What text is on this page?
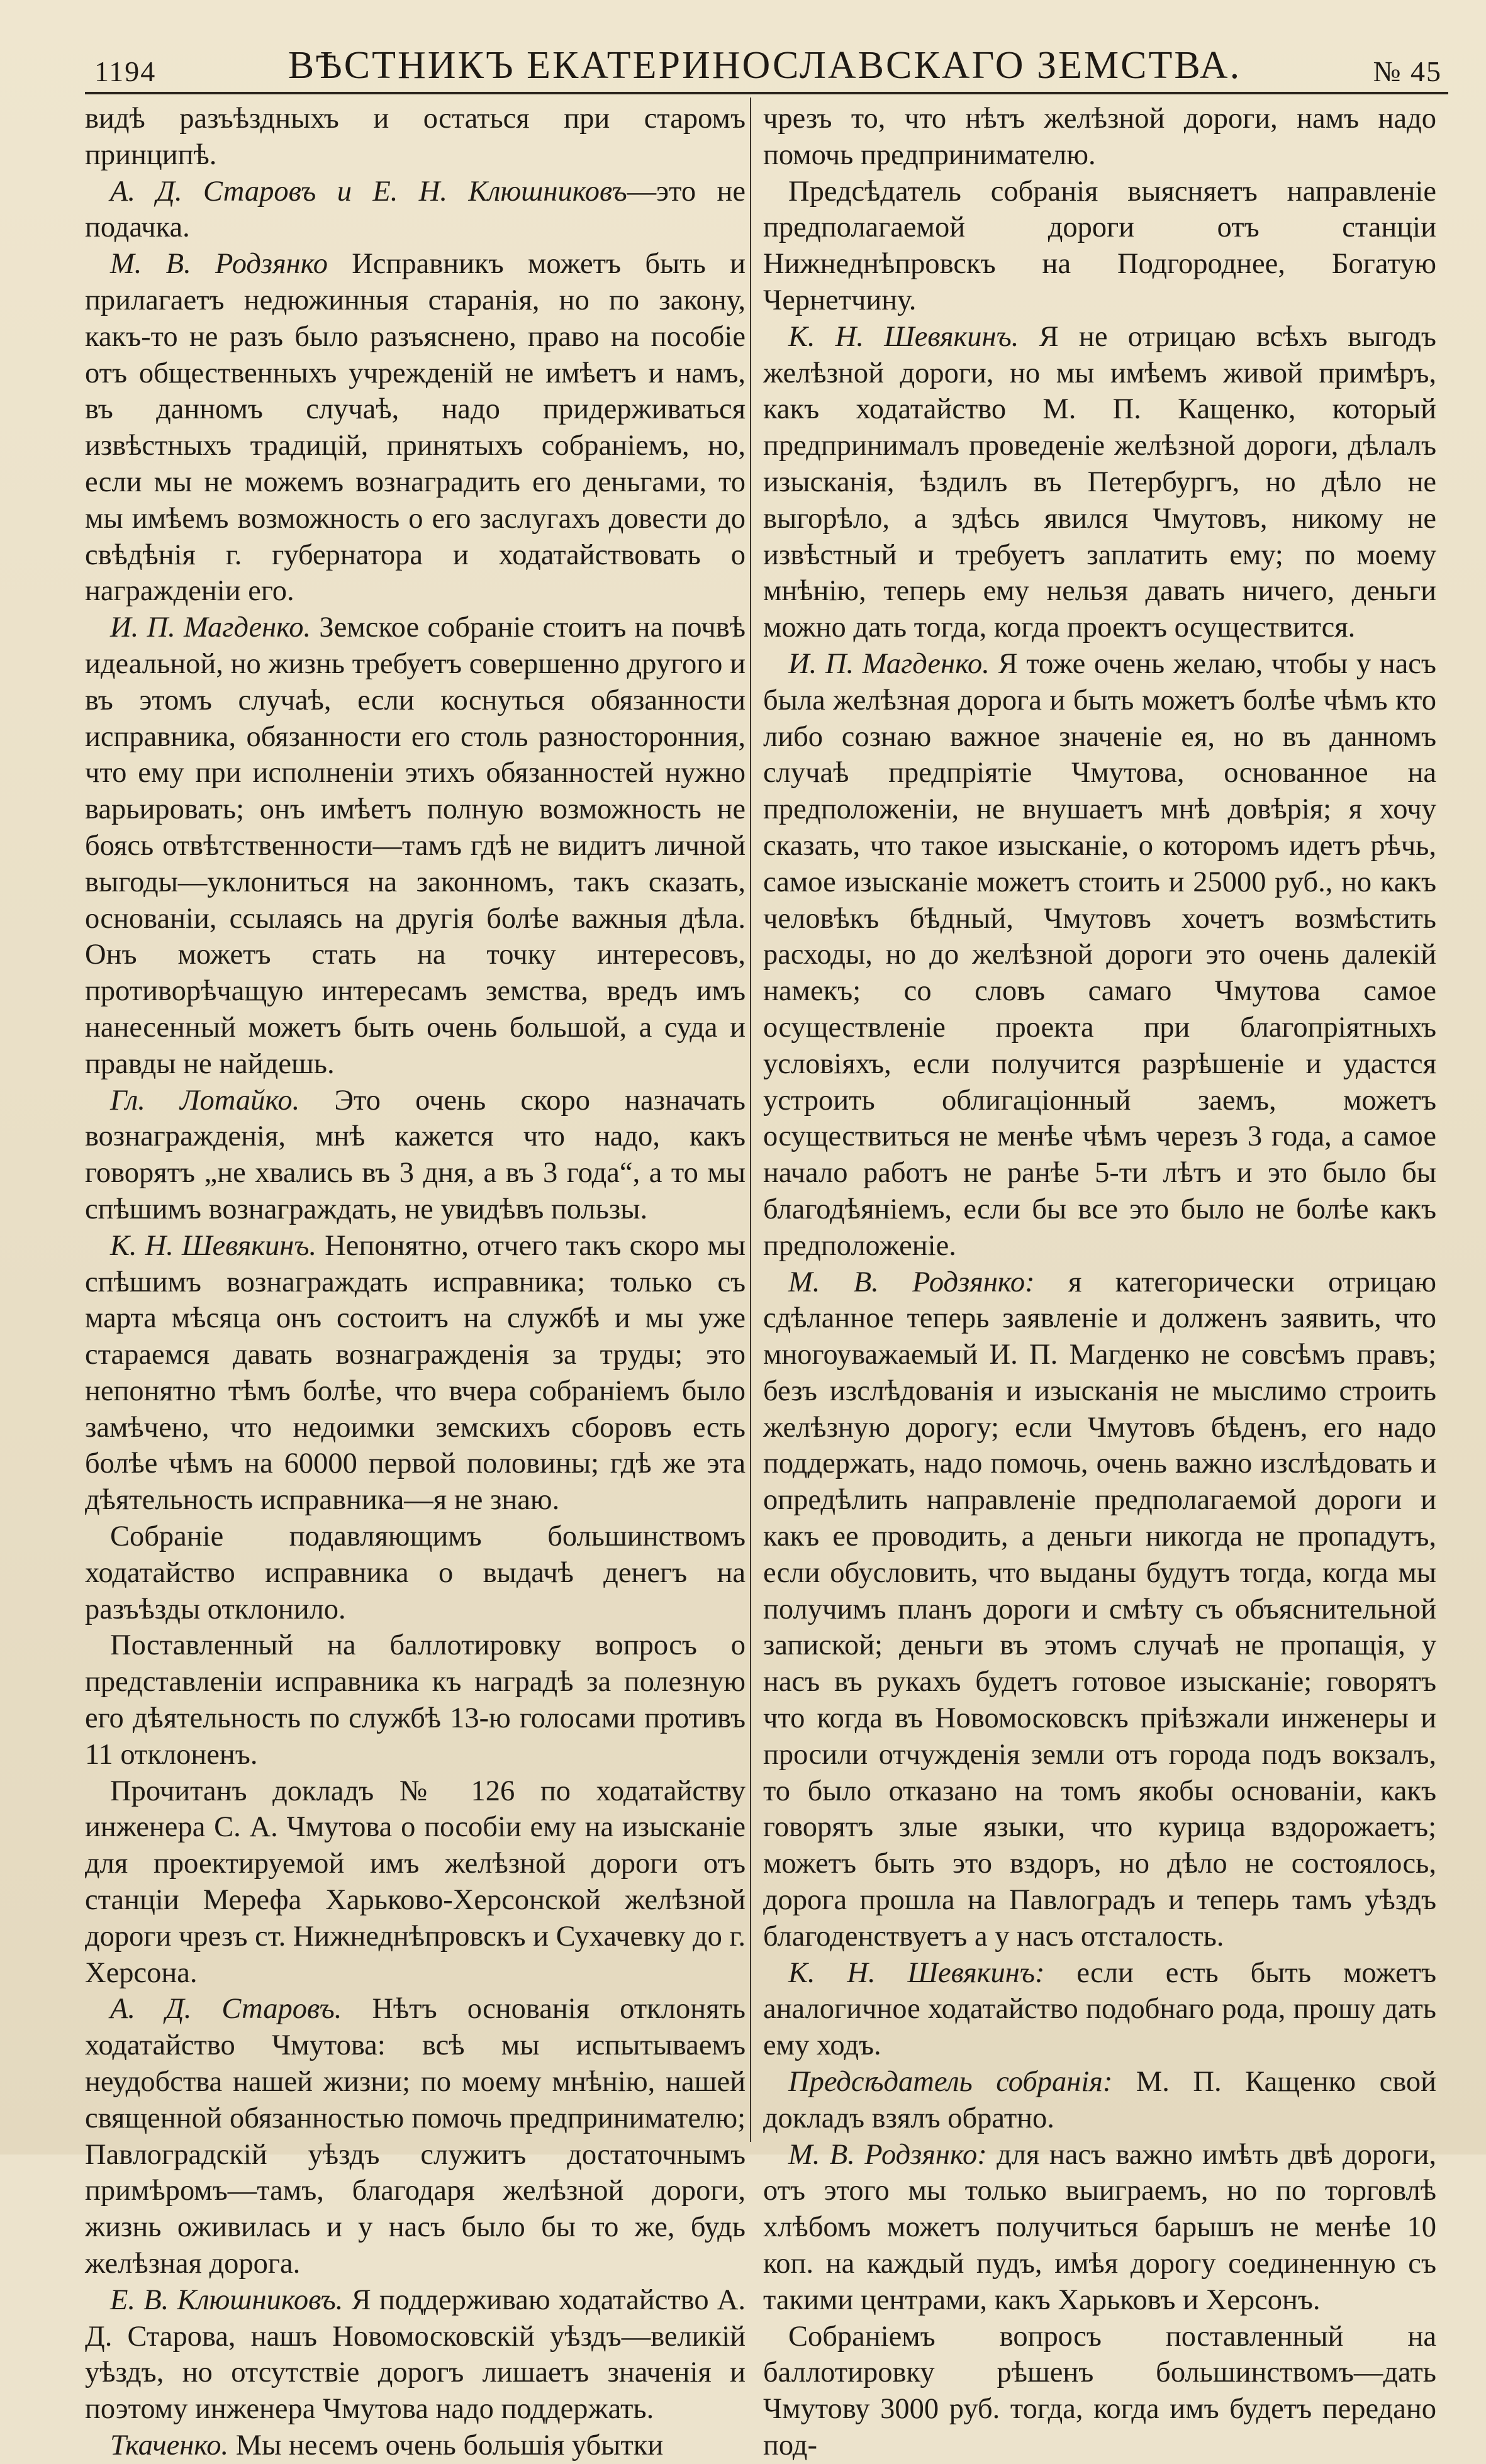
1194	ВѢСТНИКЪ ЕКАТЕРИНОСЛАВСКАГО ЗЕМСТВА.	№ 45

видѣ разъѣздныхъ и остаться при старомъ принципѣ.

А. Д. Старовъ и Е. Н. Клюшниковъ—это не подачка.

М. В. Родзянко Исправникъ можетъ быть и прилагаетъ недюжинныя старанія, но по закону, какъ-то не разъ было разъяснено, право на пособіе отъ общественныхъ учрежденій не имѣетъ и намъ, въ данномъ случаѣ, надо придерживаться извѣстныхъ традицій, принятыхъ собраніемъ, но, если мы не можемъ вознаградить его деньгами, то мы имѣемъ возможность о его заслугахъ довести до свѣдѣнія г. губернатора и ходатайствовать о награжденіи его.

И. П. Магденко. Земское собраніе стоитъ на почвѣ идеальной, но жизнь требуетъ совершенно другого и въ этомъ случаѣ, если коснуться обязанности исправника, обязанности его столь разносторонния, что ему при исполненіи этихъ обязанностей нужно варьировать; онъ имѣетъ полную возможность не боясь отвѣтственности—тамъ гдѣ не видитъ личной выгоды—уклониться на законномъ, такъ сказать, основаніи, ссылаясь на другія болѣе важныя дѣла. Онъ можетъ стать на точку интересовъ, противорѣчащую интересамъ земства, вредъ имъ нанесенный можетъ быть очень большой, а суда и правды не найдешь.

Гл. Лотайко. Это очень скоро назначать вознагражденія, мнѣ кажется что надо, какъ говорятъ „не хвались въ 3 дня, а въ 3 года“, а то мы спѣшимъ вознаграждать, не увидѣвъ пользы.

К. Н. Шевякинъ. Непонятно, отчего такъ скоро мы спѣшимъ вознаграждать исправника; только съ марта мѣсяца онъ состоитъ на службѣ и мы уже стараемся давать вознагражденія за труды; это непонятно тѣмъ болѣе, что вчера собраніемъ было замѣчено, что недоимки земскихъ сборовъ есть болѣе чѣмъ на 60000 первой половины; гдѣ же эта дѣятельность исправника—я не знаю.

Собраніе подавляющимъ большинствомъ ходатайство исправника о выдачѣ денегъ на разъѣзды отклонило.

Поставленный на баллотировку вопросъ о представленіи исправника къ наградѣ за полезную его дѣятельность по службѣ 13-ю голосами противъ 11 отклоненъ.

Прочитанъ докладъ № 126 по ходатайству инженера С. А. Чмутова о пособіи ему на изысканіе для проектируемой имъ желѣзной дороги отъ станціи Мерефа Харьково-Херсонской желѣзной дороги чрезъ ст. Нижнеднѣпровскъ и Сухачевку до г. Херсона.

А. Д. Старовъ. Нѣтъ основанія отклонять ходатайство Чмутова: всѣ мы испытываемъ неудобства нашей жизни; по моему мнѣнію, нашей священной обязанностью помочь предпринимателю; Павлоградскій уѣздъ служитъ достаточнымъ примѣромъ—тамъ, благодаря желѣзной дороги, жизнь оживилась и у насъ было бы то же, будь желѣзная дорога.

Е. В. Клюшниковъ. Я поддерживаю ходатайство А. Д. Старова, нашъ Новомосковскій уѣздъ—великій уѣздъ, но отсутствіе дорогъ лишаетъ значенія и поэтому инженера Чмутова надо поддержать.

Ткаченко. Мы несемъ очень большія убытки

чрезъ то, что нѣтъ желѣзной дороги, намъ надо помочь предпринимателю.

Предсѣдатель собранія выясняетъ направленіе предполагаемой дороги отъ станціи Нижнеднѣпровскъ на Подгороднее, Богатую Чернетчину.

К. Н. Шевякинъ. Я не отрицаю всѣхъ выгодъ желѣзной дороги, но мы имѣемъ живой примѣръ, какъ ходатайство М. П. Кащенко, который предпринималъ проведеніе желѣзной дороги, дѣлалъ изысканія, ѣздилъ въ Петербургъ, но дѣло не выгорѣло, а здѣсь явился Чмутовъ, никому не извѣстный и требуетъ заплатить ему; по моему мнѣнію, теперь ему нельзя давать ничего, деньги можно дать тогда, когда проектъ осуществится.

И. П. Магденко. Я тоже очень желаю, чтобы у насъ была желѣзная дорога и быть можетъ болѣе чѣмъ кто либо сознаю важное значеніе ея, но въ данномъ случаѣ предпріятіе Чмутова, основанное на предположеніи, не внушаетъ мнѣ довѣрія; я хочу сказать, что такое изысканіе, о которомъ идетъ рѣчь, самое изысканіе можетъ стоить и 25000 руб., но какъ человѣкъ бѣдный, Чмутовъ хочетъ возмѣстить расходы, но до желѣзной дороги это очень далекій намекъ; со словъ самаго Чмутова самое осуществленіе проекта при благопріятныхъ условіяхъ, если получится разрѣшеніе и удастся устроить облигаціонный заемъ, можетъ осуществиться не менѣе чѣмъ черезъ 3 года, а самое начало работъ не ранѣе 5-ти лѣтъ и это было бы благодѣяніемъ, если бы все это было не болѣе какъ предположеніе.

М. В. Родзянко: я категорически отрицаю сдѣланное теперь заявленіе и долженъ заявить, что многоуважаемый И. П. Магденко не совсѣмъ правъ; безъ изслѣдованія и изысканія не мыслимо строить желѣзную дорогу; если Чмутовъ бѣденъ, его надо поддержать, надо помочь, очень важно изслѣдовать и опредѣлить направленіе предполагаемой дороги и какъ ее проводить, а деньги никогда не пропадутъ, если обусловить, что выданы будутъ тогда, когда мы получимъ планъ дороги и смѣту съ объяснительной запиской; деньги въ этомъ случаѣ не пропащія, у насъ въ рукахъ будетъ готовое изысканіе; говорятъ что когда въ Новомосковскъ пріѣзжали инженеры и просили отчужденія земли отъ города подъ вокзалъ, то было отказано на томъ якобы основаніи, какъ говорятъ злые языки, что курица вздорожаетъ; можетъ быть это вздоръ, но дѣло не состоялось, дорога прошла на Павлоградъ и теперь тамъ уѣздъ благоденствуетъ а у насъ отсталость.

К. Н. Шевякинъ: если есть быть можетъ аналогичное ходатайство подобнаго рода, прошу дать ему ходъ.

Предсѣдатель собранія: М. П. Кащенко свой докладъ взялъ обратно.

М. В. Родзянко: для насъ важно имѣть двѣ дороги, отъ этого мы только выиграемъ, но по торговлѣ хлѣбомъ можетъ получиться барышъ не менѣе 10 коп. на каждый пудъ, имѣя дорогу соединенную съ такими центрами, какъ Харьковъ и Херсонъ.

Собраніемъ вопросъ поставленный на баллотировку рѣшенъ большинствомъ—дать Чмутову 3000 руб. тогда, когда имъ будетъ передано под-
